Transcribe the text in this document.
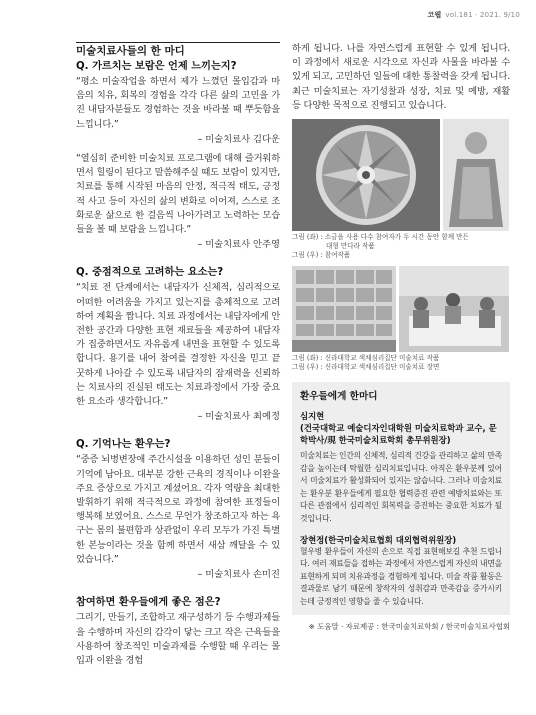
코웹 vol.181 · 2021. 9/10

미술치료사들의 한 마디

Q. 가르치는 보람은 언제 느끼는지?

“평소 미술작업을 하면서 제가 느꼈던 몰입감과 마음의 치유, 회복의 경험을 각각 다른 삶의 고민을 가진 내담자분들도 경험하는 것을 바라볼 때 뿌듯함을 느낍니다.”

– 미술치료사 김다운

“열심히 준비한 미술치료 프로그램에 대해 즐거워하면서 힐링이 된다고 말씀해주실 때도 보람이 있지만, 치료를 통해 시작된 마음의 안정, 적극적 태도, 긍정적 사고 등이 자신의 삶의 변화로 이어져, 스스로 조화로운 삶으로 한 걸음씩 나아가려고 노력하는 모습들을 볼 때 보람을 느낍니다.”

– 미술치료사 안주영

Q. 중점적으로 고려하는 요소는?

“치료 전 단계에서는 내담자가 신체적, 심리적으로 어떠한 어려움을 가지고 있는지를 총체적으로 고려하여 계획을 짭니다. 치료 과정에서는 내담자에게 안전한 공간과 다양한 표현 재료들을 제공하여 내담자가 집중하면서도 자유롭게 내면을 표현할 수 있도록 합니다. 용기를 내어 참여를 결정한 자신을 믿고 끝꿋하게 나아갈 수 있도록 내담자의 잠재력을 신뢰하는 치료사의 진실된 태도는 치료과정에서 가장 중요한 요소라 생각합니다.”

– 미술치료사 최예정

Q. 기억나는 환우는?

“중증 뇌병변장애 주간시설을 이용하던 성인 분들이 기억에 남아요. 대부분 강한 근육의 경직이나 이완을 주요 증상으로 가지고 계셨어요. 각자 역량을 최대한 발휘하기 위해 적극적으로 과정에 참여한 표정들이 행복해 보였어요. 스스로 무언가 창조하고자 하는 욕구는 몸의 불편함과 상관없이 우리 모두가 가진 특별한 본능이라는 것을 함께 하면서 새삼 깨달을 수 있었습니다.”

– 미술치료사 손미진

참여하면 환우들에게 좋은 점은?

그리기, 만들기, 조합하고 재구성하기 등 수행과제들을 수행하며 자신의 감각이 닿는 크고 작은 근육들을 사용하여 창조적인 미술과제를 수행할 때 우리는 몰입과 이완을 경험

하게 됩니다. 나를 자연스럽게 표현할 수 있게 됩니다. 이 과정에서 새로운 시각으로 자신과 사물을 바라볼 수 있게 되고, 고민하던 일들에 대한 통찰력을 갖게 됩니다. 최근 미술치료는 자기성찰과 성장, 치료 및 예방, 재활 등 다양한 목적으로 진행되고 있습니다.

그림 (좌) : 소금을 사용 다수 참여자가 두 시간 동안 함께 만든
대형 만다라 작품
그림 (우) : 참여작품

그림 (좌) : 신라대학교 색채심리집단 미술치료 작품
그림 (우) : 신라대학교 색채심리집단 미술치료 장면

환우들에게 한마디

심지현

(건국대학교 예술디자인대학원 미술치료학과 교수, 문학박사/現 한국미술치료학회 총무위원장)

미술치료는 인간의 신체적, 심리적 건강을 관리하고 삶의 만족감을 높이는데 탁월한 심리치료입니다. 아직은 환우분께 있어서 미술치료가 활성화되어 있지는 않습니다. 그러나 미술치료는 환우분 환우들에게 필요한 협력증진 관련 예방치료와는 또 다른 관점에서 심리적인 회복력을 증진하는 중요한 치료가 될 것입니다.

장현정(한국미술치료협회 대외협력위원장)

혈우병 환우들이 자신의 손으로 직접 표현해보길 추천 드립니다. 여러 재료들을 접하는 과정에서 자연스럽게 자신의 내면을 표현하게 되며 치유과정을 경험하게 됩니다. 미술 작품 활동은 결과물로 남기 때문에 창작자의 성취감과 만족감을 증가시키는데 긍정적인 영향을 줄 수 있습니다.

※ 도움말 · 자료제공 : 한국미술치료학회 / 한국미술치료사협회
